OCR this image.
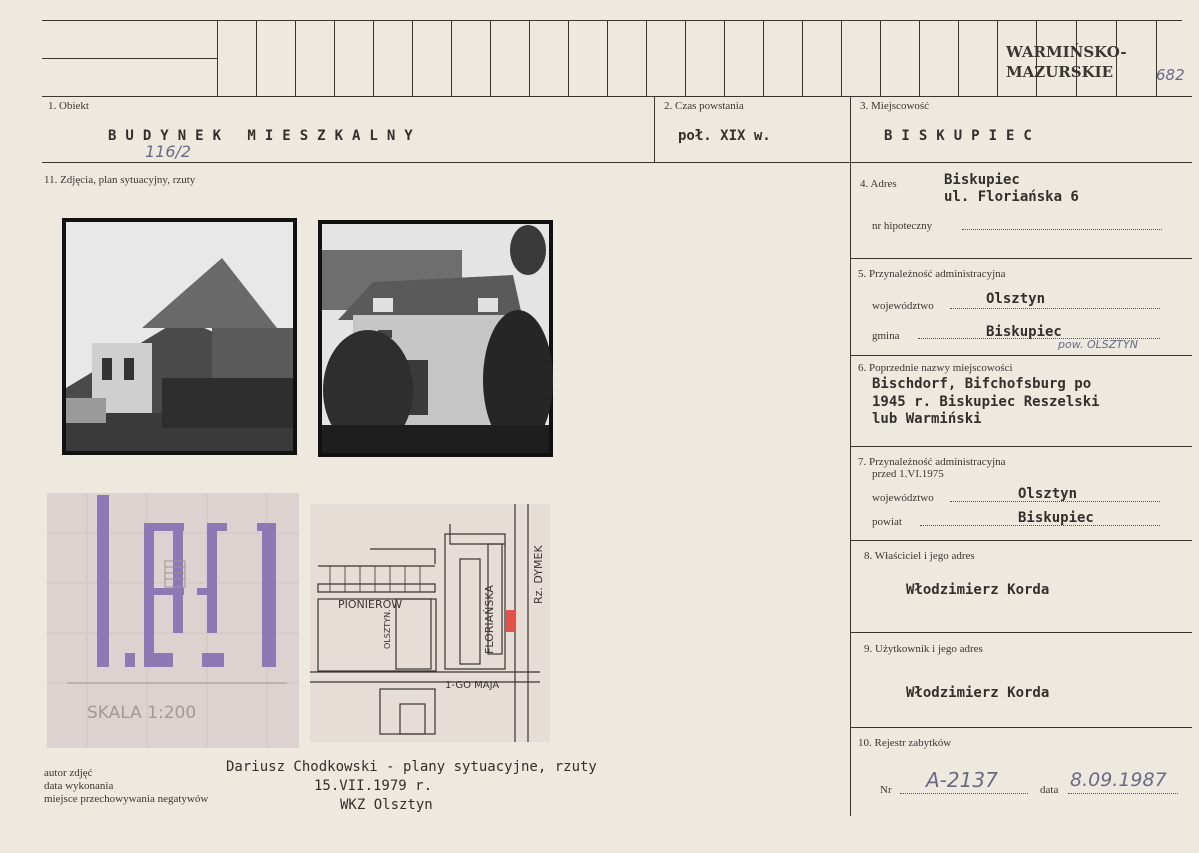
WARMIŃSKO-
MAZURSKIE	682
1. Obiekt
BUDYNEK MIESZKALNY
116/2
2. Czas powstania
poł. XIX w.
3. Miejscowość
BISKUPIEC
11. Zdjęcia, plan sytuacyjny, rzuty
SKALA 1:200
PIONIERÓW	FLORIAŃSKA
Rz. DYMEK
1-GO MAJA
OLSZTYN.
4. Adres	Biskupiec
ul. Floriańska 6
nr hipoteczny
5. Przynależność administracyjna
województwo	Olsztyn
gmina	Biskupiec
pow. OLSZTYN
6. Poprzednie nazwy miejscowości
Bischdorf, Bifchofsburg po
1945 r. Biskupiec Reszelski
lub Warmiński
7. Przynależność administracyjna
przed 1.VI.1975
województwo	Olsztyn
powiat	Biskupiec
8. Właściciel i jego adres
Włodzimierz Korda
9. Użytkownik i jego adres
Włodzimierz Korda
10. Rejestr zabytków
Nr A-2137	data 8.09.1987
autor zdjęć
data wykonania
miejsce przechowywania negatywów
Dariusz Chodkowski - plany sytuacyjne, rzuty
15.VII.1979 r.
WKZ Olsztyn
